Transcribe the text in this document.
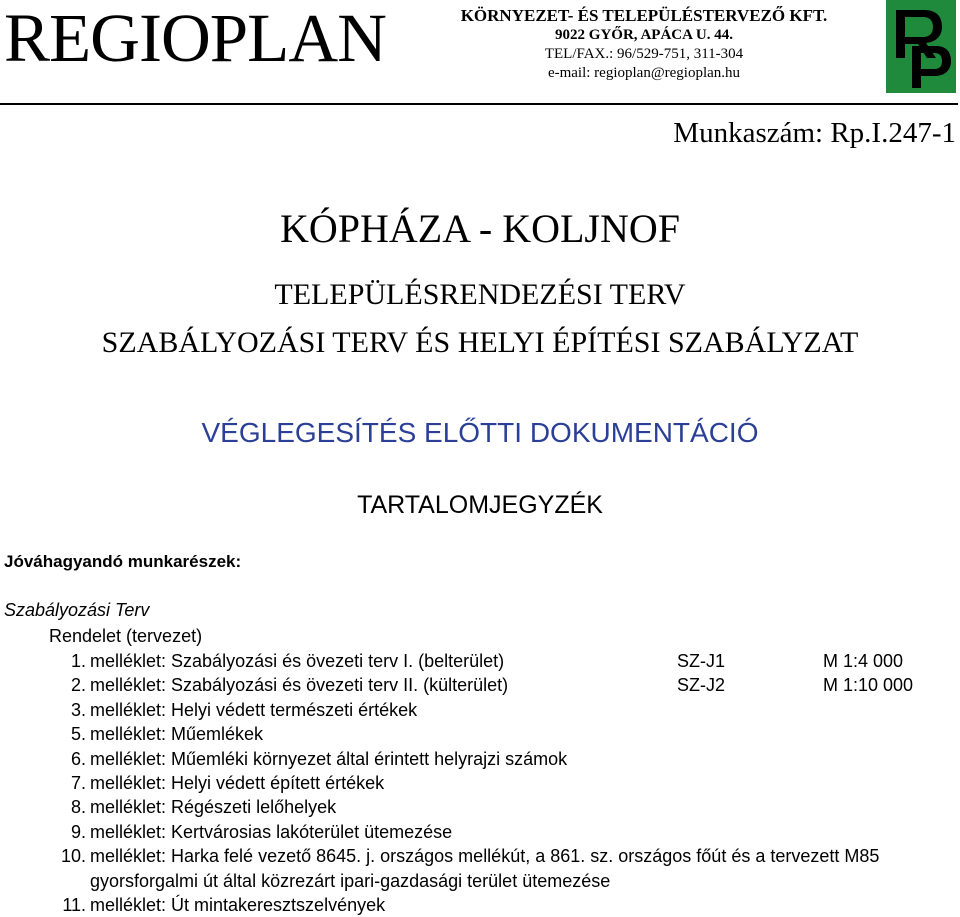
REGIOPLAN	KÖRNYEZET- ÉS TELEPÜLÉSTERVEZŐ KFT.
9022 GYŐR, APÁCA U. 44.
TEL/FAX.: 96/529-751, 311-304
e-mail: regioplan@regioplan.hu
Munkaszám: Rp.I.247-1
KÓPHÁZA - KOLJNOF
TELEPÜLÉSRENDEZÉSI TERV
SZABÁLYOZÁSI TERV ÉS HELYI ÉPÍTÉSI SZABÁLYZAT
VÉGLEGESÍTÉS ELŐTTI DOKUMENTÁCIÓ
TARTALOMJEGYZÉK
Jóváhagyandó munkarészek:
Szabályozási Terv
Rendelet (tervezet)
1. melléklet: Szabályozási és övezeti terv I. (belterület)	SZ-J1	M 1:4 000
2. melléklet: Szabályozási és övezeti terv II. (külterület)	SZ-J2	M 1:10 000
3. melléklet: Helyi védett természeti értékek
5. melléklet: Műemlékek
6. melléklet: Műemléki környezet által érintett helyrajzi számok
7. melléklet: Helyi védett épített értékek
8. melléklet: Régészeti lelőhelyek
9. melléklet: Kertvárosias lakóterület ütemezése
10. melléklet: Harka felé vezető 8645. j. országos mellékút, a 861. sz. országos főút és a tervezett M85
gyorsforgalmi út által közrezárt ipari-gazdasági terület ütemezése
11. melléklet: Út mintakeresztszelvények
